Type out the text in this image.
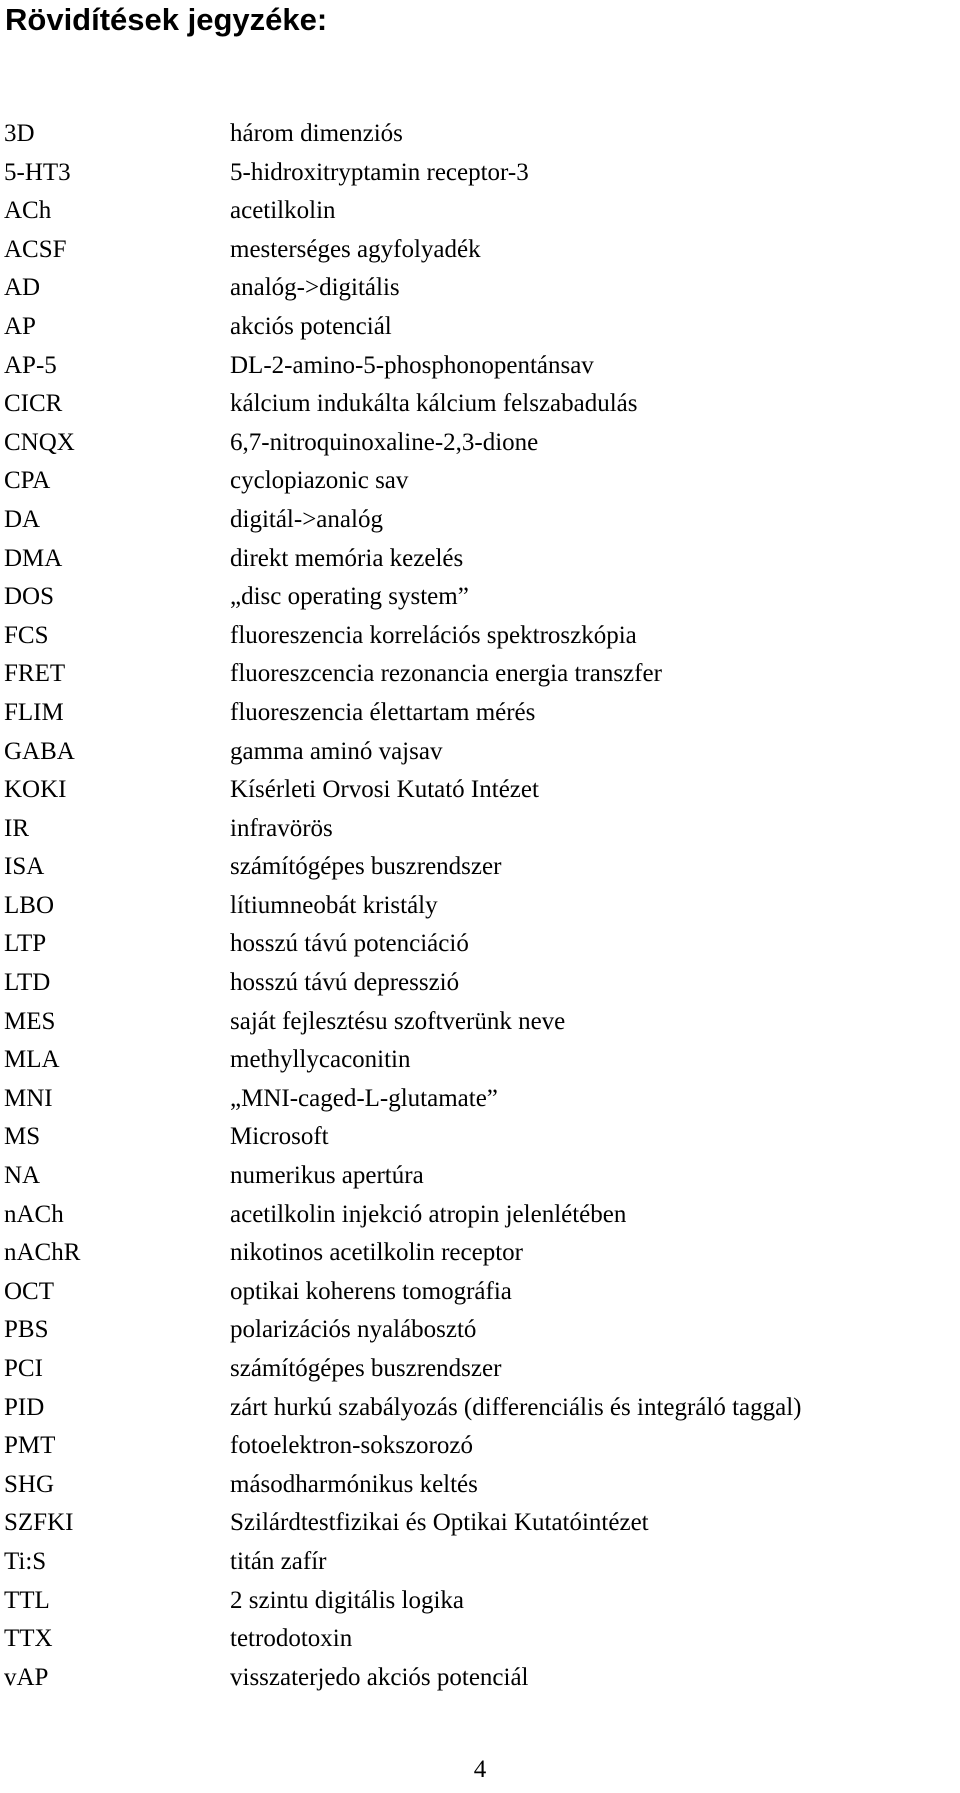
Rövidítések jegyzéke:
3D	három dimenziós
5-HT3	5-hidroxitryptamin receptor-3
ACh	acetilkolin
ACSF	mesterséges agyfolyadék
AD	analóg->digitális
AP	akciós potenciál
AP-5	DL-2-amino-5-phosphonopentánsav
CICR	kálcium indukálta kálcium felszabadulás
CNQX	6,7-nitroquinoxaline-2,3-dione
CPA	cyclopiazonic sav
DA	digitál->analóg
DMA	direkt memória kezelés
DOS	„disc operating system”
FCS	fluoreszencia korrelációs spektroszkópia
FRET	fluoreszcencia rezonancia energia transzfer
FLIM	fluoreszencia élettartam mérés
GABA	gamma aminó vajsav
KOKI	Kísérleti Orvosi Kutató Intézet
IR	infravörös
ISA	számítógépes buszrendszer
LBO	lítiumneobát kristály
LTP	hosszú távú potenciáció
LTD	hosszú távú depresszió
MES	saját fejlesztésu szoftverünk neve
MLA	methyllycaconitin
MNI	„MNI-caged-L-glutamate”
MS	Microsoft
NA	numerikus apertúra
nACh	acetilkolin injekció atropin jelenlétében
nAChR	nikotinos acetilkolin receptor
OCT	optikai koherens tomográfia
PBS	polarizációs nyalábosztó
PCI	számítógépes buszrendszer
PID	zárt hurkú szabályozás (differenciális és integráló taggal)
PMT	fotoelektron-sokszorozó
SHG	másodharmónikus keltés
SZFKI	Szilárdtestfizikai és Optikai Kutatóintézet
Ti:S	titán zafír
TTL	2 szintu digitális logika
TTX	tetrodotoxin
vAP	visszaterjedo akciós potenciál
4
